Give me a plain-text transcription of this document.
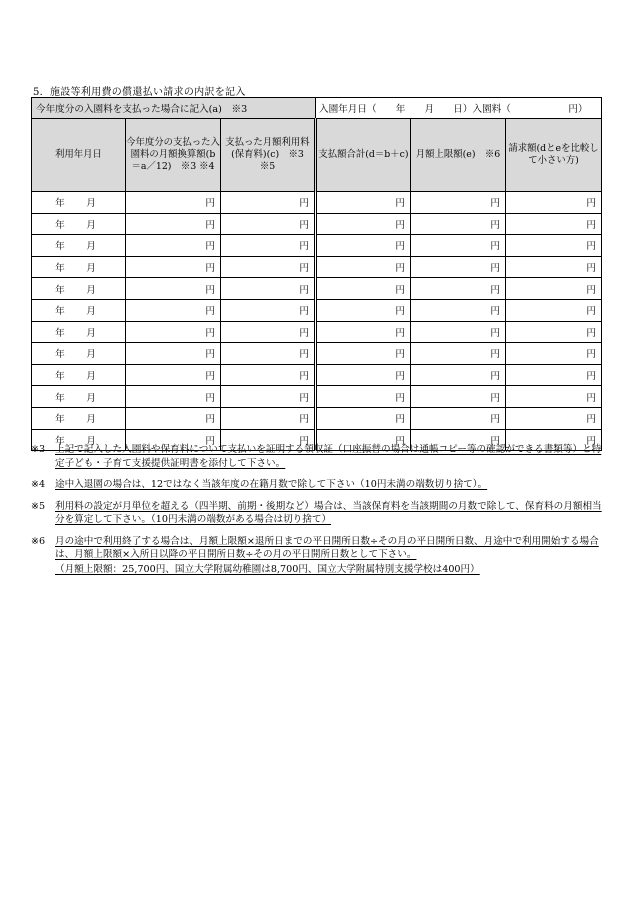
5．施設等利用費の償還払い請求の内訳を記入
今年度分の入園料を支払った場合に記入(a)　※3			入園年月日（　　年　　月　　日）入園料（　　　　　　円）		
利用年月日	今年度分の支払った入園料の月額換算額(b＝a／12)　※3 ※4	支払った月額利用料(保育料)(c)　※3　※5	支払額合計(d＝b＋c)	月額上限額(e)　※6	請求額(dとeを比較して小さい方)
年　月	円	円	円	円	円
年　月	円	円	円	円	円
年　月	円	円	円	円	円
年　月	円	円	円	円	円
年　月	円	円	円	円	円
年　月	円	円	円	円	円
年　月	円	円	円	円	円
年　月	円	円	円	円	円
年　月	円	円	円	円	円
年　月	円	円	円	円	円
年　月	円	円	円	円	円
年　月	円	円	円	円	円
※3	上記で記入した入園料や保育料について支払いを証明する領収証（口座振替の場合は通帳コピー等の確認ができる書類等）と特定子ども・子育て支援提供証明書を添付して下さい。
※4	途中入退園の場合は、12ではなく当該年度の在籍月数で除して下さい（10円未満の端数切り捨て）。
※5	利用料の設定が月単位を超える（四半期、前期・後期など）場合は、当該保育料を当該期間の月数で除して、保育料の月額相当分を算定して下さい。（10円未満の端数がある場合は切り捨て）
※6	月の途中で利用終了する場合は、月額上限額×退所日までの平日開所日数÷その月の平日開所日数、月途中で利用開始する場合は、月額上限額×入所日以降の平日開所日数÷その月の平日開所日数として下さい。
（月額上限額：25,700円、国立大学附属幼稚園は8,700円、国立大学附属特別支援学校は400円）
